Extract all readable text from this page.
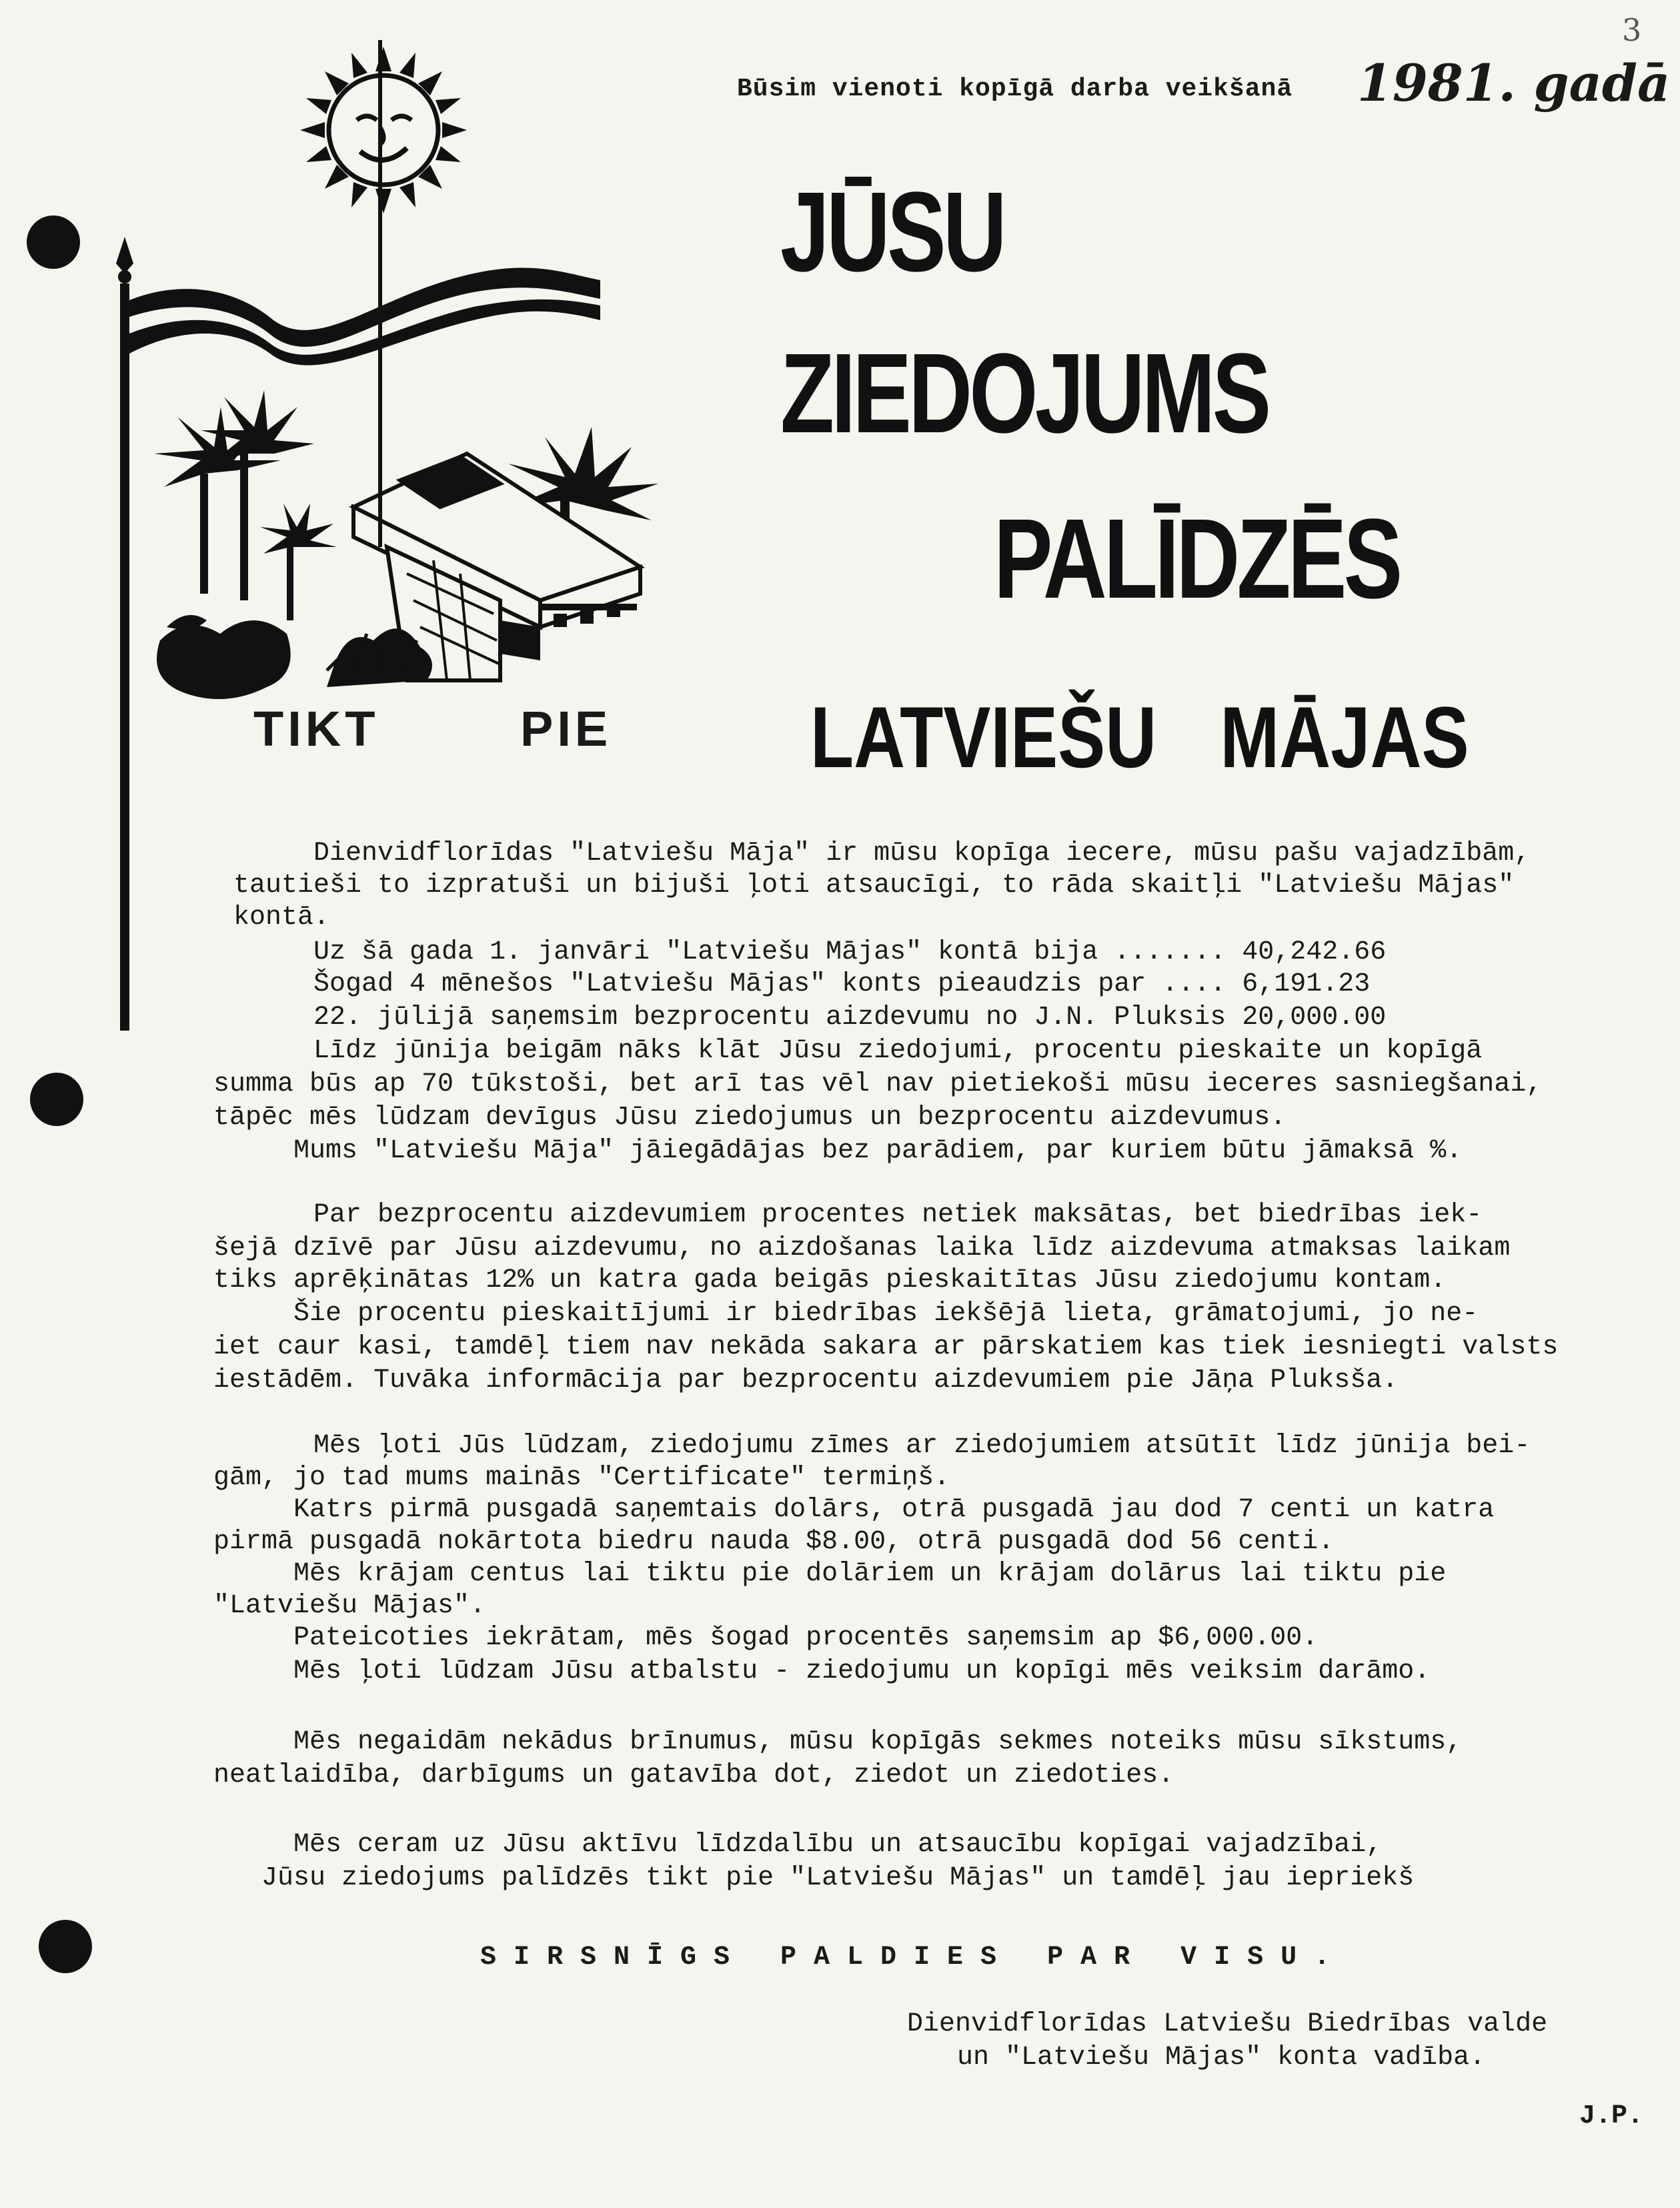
3
Būsim vienoti kopīgā darba veikšanā 1981. gadā
JŪSU
ZIEDOJUMS
PALĪDZĒS
LATVIEŠU MĀJAS
TIKT	PIE
Dienvidflorīdas "Latviešu Māja" ir mūsu kopīga iecere, mūsu pašu vajadzībām,
tautieši to izpratuši un bijuši ļoti atsaucīgi, to rāda skaitļi "Latviešu Mājas"
kontā.
Uz šā gada 1. janvāri "Latviešu Mājas" kontā bija ....... 40,242.66
Šogad 4 mēnešos "Latviešu Mājas" konts pieaudzis par .... 6,191.23
22. jūlijā saņemsim bezprocentu aizdevumu no J.N. Pluksis 20,000.00
Līdz jūnija beigām nāks klāt Jūsu ziedojumi, procentu pieskaite un kopīgā
summa būs ap 70 tūkstoši, bet arī tas vēl nav pietiekoši mūsu ieceres sasniegšanai,
tāpēc mēs lūdzam devīgus Jūsu ziedojumus un bezprocentu aizdevumus.
Mums "Latviešu Māja" jāiegādājas bez parādiem, par kuriem būtu jāmaksā %.
Par bezprocentu aizdevumiem procentes netiek maksātas, bet biedrības iek-
šejā dzīvē par Jūsu aizdevumu, no aizdošanas laika līdz aizdevuma atmaksas laikam
tiks aprēķinātas 12% un katra gada beigās pieskaitītas Jūsu ziedojumu kontam.
Šie procentu pieskaitījumi ir biedrības iekšējā lieta, grāmatojumi, jo ne-
iet caur kasi, tamdēļ tiem nav nekāda sakara ar pārskatiem kas tiek iesniegti valsts
iestādēm. Tuvāka informācija par bezprocentu aizdevumiem pie Jāņa Pluksša.
Mēs ļoti Jūs lūdzam, ziedojumu zīmes ar ziedojumiem atsūtīt līdz jūnija bei-
gām, jo tad mums mainās "Certificate" termiņš.
Katrs pirmā pusgadā saņemtais dolārs, otrā pusgadā jau dod 7 centi un katra
pirmā pusgadā nokārtota biedru nauda $8.00, otrā pusgadā dod 56 centi.
Mēs krājam centus lai tiktu pie dolāriem un krājam dolārus lai tiktu pie
"Latviešu Mājas".
Pateicoties iekrātam, mēs šogad procentēs saņemsim ap $6,000.00.
Mēs ļoti lūdzam Jūsu atbalstu - ziedojumu un kopīgi mēs veiksim darāmo.
Mēs negaidām nekādus brīnumus, mūsu kopīgās sekmes noteiks mūsu sīkstums,
neatlaidība, darbīgums un gatavība dot, ziedot un ziedoties.
Mēs ceram uz Jūsu aktīvu līdzdalību un atsaucību kopīgai vajadzībai,
Jūsu ziedojums palīdzēs tikt pie "Latviešu Mājas" un tamdēļ jau iepriekš
SIRSNĪGS PALDIES PAR VISU.
Dienvidflorīdas Latviešu Biedrības valde
un "Latviešu Mājas" konta vadība.
J.P.
